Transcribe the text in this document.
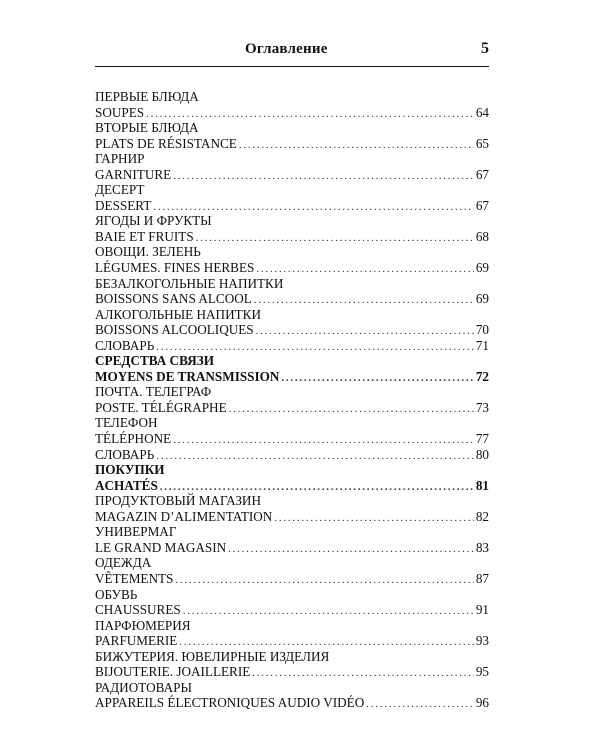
Оглавление	5
ПЕРВЫЕ БЛЮДА
SOUPES . . .	64
ВТОРЫЕ БЛЮДА
PLATS DE RÉSISTANCE . . .	65
ГАРНИР
GARNITURE . . .	67
ДЕСЕРТ
DESSERT . . .	67
ЯГОДЫ И ФРУКТЫ
BAIE ET FRUITS . . .	68
ОВОЩИ. ЗЕЛЕНЬ
LÉGUMES. FINES HERBES . . .	69
БЕЗАЛКОГОЛЬНЫЕ НАПИТКИ
BOISSONS SANS ALCOOL . . .	69
АЛКОГОЛЬНЫЕ НАПИТКИ
BOISSONS ALCOOLIQUES . . .	70
СЛОВАРЬ . . .	71
СРЕДСТВА СВЯЗИ
MOYENS DE TRANSMISSION . . .	72
ПОЧТА. ТЕЛЕГРАФ
POSTE. TÉLÉGRAPHE . . .	73
ТЕЛЕФОН
TÉLÉPHONE . . .	77
СЛОВАРЬ . . .	80
ПОКУПКИ
ACHATÉS . . .	81
ПРОДУКТОВЫЙ МАГАЗИН
MAGAZIN D’ALIMENTATION . . .	82
УНИВЕРМАГ
LE GRAND MAGASIN . . .	83
ОДЕЖДА
VÊTEMENTS . . .	87
ОБУВЬ
CHAUSSURES . . .	91
ПАРФЮМЕРИЯ
PARFUMERIE . . .	93
БИЖУТЕРИЯ. ЮВЕЛИРНЫЕ ИЗДЕЛИЯ
BIJOUTERIE. JOAILLERIE . . .	95
РАДИОТОВАРЫ
APPAREILS ÉLECTRONIQUES AUDIO VIDÉO . . .	96
